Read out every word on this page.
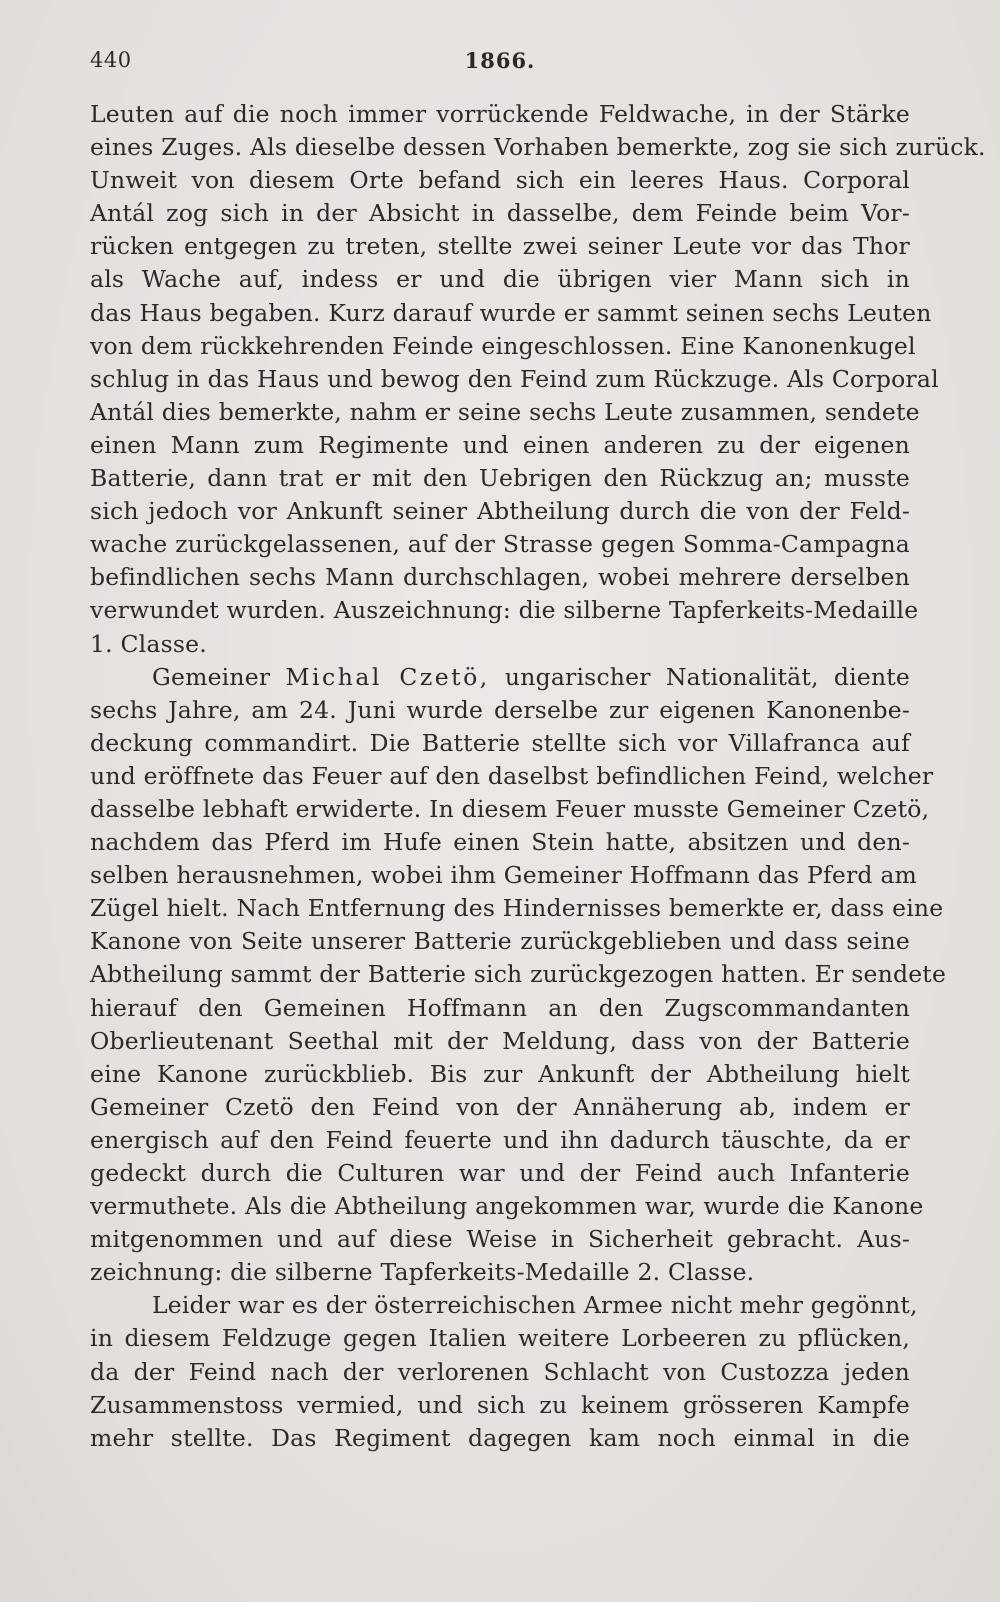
440	1866.
Leuten auf die noch immer vorrückende Feldwache, in der Stärke
eines Zuges. Als dieselbe dessen Vorhaben bemerkte, zog sie sich zurück.
Unweit von diesem Orte befand sich ein leeres Haus. Corporal
Antál zog sich in der Absicht in dasselbe, dem Feinde beim Vor-
rücken entgegen zu treten, stellte zwei seiner Leute vor das Thor
als Wache auf, indess er und die übrigen vier Mann sich in
das Haus begaben. Kurz darauf wurde er sammt seinen sechs Leuten
von dem rückkehrenden Feinde eingeschlossen. Eine Kanonenkugel
schlug in das Haus und bewog den Feind zum Rückzuge. Als Corporal
Antál dies bemerkte, nahm er seine sechs Leute zusammen, sendete
einen Mann zum Regimente und einen anderen zu der eigenen
Batterie, dann trat er mit den Uebrigen den Rückzug an; musste
sich jedoch vor Ankunft seiner Abtheilung durch die von der Feld-
wache zurückgelassenen, auf der Strasse gegen Somma-Campagna
befindlichen sechs Mann durchschlagen, wobei mehrere derselben
verwundet wurden. Auszeichnung: die silberne Tapferkeits-Medaille
1. Classe.
Gemeiner Michal Czetö, ungarischer Nationalität, diente
sechs Jahre, am 24. Juni wurde derselbe zur eigenen Kanonenbe-
deckung commandirt. Die Batterie stellte sich vor Villafranca auf
und eröffnete das Feuer auf den daselbst befindlichen Feind, welcher
dasselbe lebhaft erwiderte. In diesem Feuer musste Gemeiner Czetö,
nachdem das Pferd im Hufe einen Stein hatte, absitzen und den-
selben herausnehmen, wobei ihm Gemeiner Hoffmann das Pferd am
Zügel hielt. Nach Entfernung des Hindernisses bemerkte er, dass eine
Kanone von Seite unserer Batterie zurückgeblieben und dass seine
Abtheilung sammt der Batterie sich zurückgezogen hatten. Er sendete
hierauf den Gemeinen Hoffmann an den Zugscommandanten
Oberlieutenant Seethal mit der Meldung, dass von der Batterie
eine Kanone zurückblieb. Bis zur Ankunft der Abtheilung hielt
Gemeiner Czetö den Feind von der Annäherung ab, indem er
energisch auf den Feind feuerte und ihn dadurch täuschte, da er
gedeckt durch die Culturen war und der Feind auch Infanterie
vermuthete. Als die Abtheilung angekommen war, wurde die Kanone
mitgenommen und auf diese Weise in Sicherheit gebracht. Aus-
zeichnung: die silberne Tapferkeits-Medaille 2. Classe.
Leider war es der österreichischen Armee nicht mehr gegönnt,
in diesem Feldzuge gegen Italien weitere Lorbeeren zu pflücken,
da der Feind nach der verlorenen Schlacht von Custozza jeden
Zusammenstoss vermied, und sich zu keinem grösseren Kampfe
mehr stellte. Das Regiment dagegen kam noch einmal in die
